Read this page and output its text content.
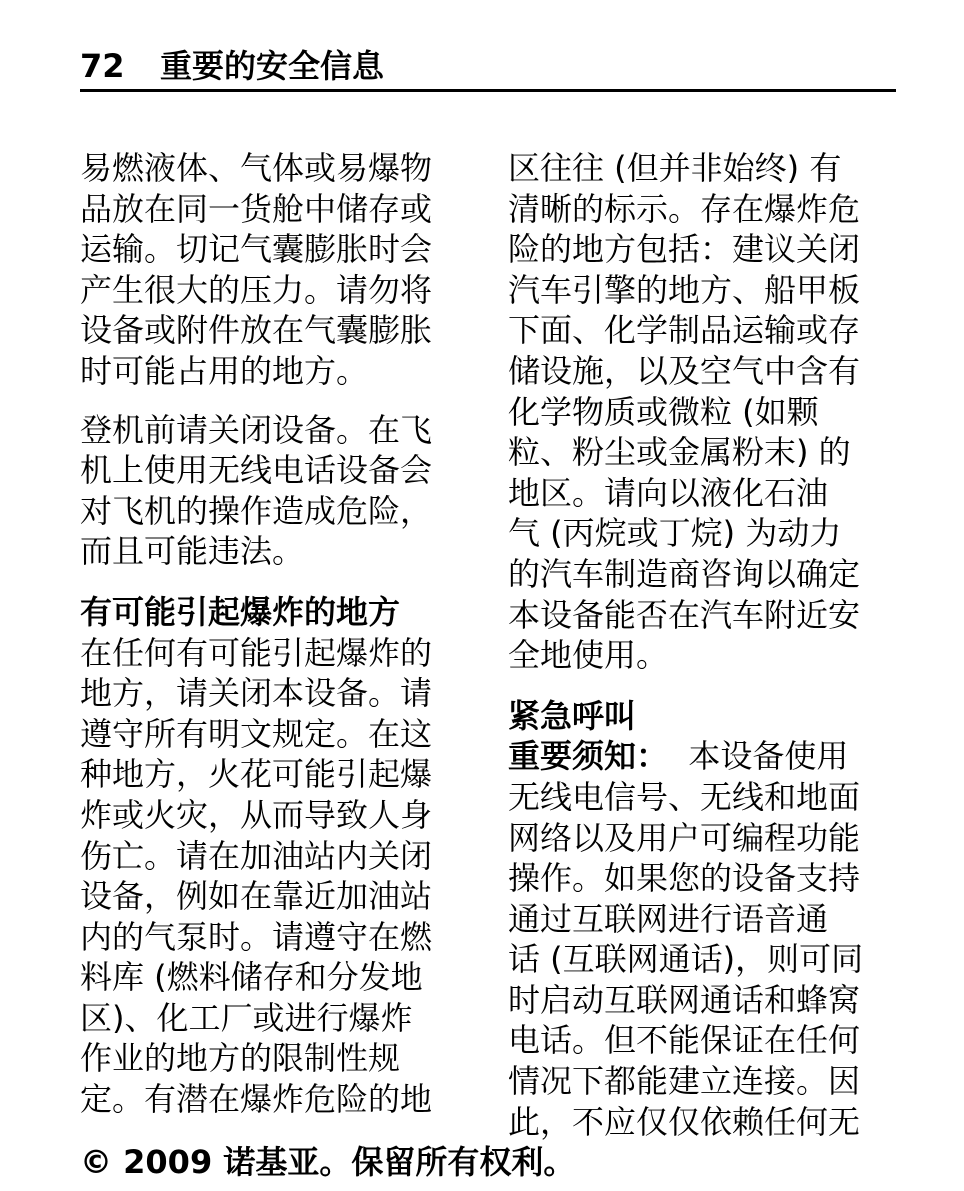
72 重要的安全信息

易燃液体、气体或易爆物
品放在同一货舱中储存或
运输。切记气囊膨胀时会
产生很大的压力。请勿将
设备或附件放在气囊膨胀
时可能占用的地方。

登机前请关闭设备。在飞
机上使用无线电话设备会
对飞机的操作造成危险，
而且可能违法。

有可能引起爆炸的地方

在任何有可能引起爆炸的
地方，请关闭本设备。请
遵守所有明文规定。在这
种地方，火花可能引起爆
炸或火灾，从而导致人身
伤亡。请在加油站内关闭
设备，例如在靠近加油站
内的气泵时。请遵守在燃
料库 (燃料储存和分发地
区)、化工厂或进行爆炸
作业的地方的限制性规
定。有潜在爆炸危险的地

区往往 (但并非始终) 有
清晰的标示。存在爆炸危
险的地方包括：建议关闭
汽车引擎的地方、船甲板
下面、化学制品运输或存
储设施，以及空气中含有
化学物质或微粒 (如颗
粒、粉尘或金属粉末) 的
地区。请向以液化石油
气 (丙烷或丁烷) 为动力
的汽车制造商咨询以确定
本设备能否在汽车附近安
全地使用。

紧急呼叫

重要须知：  本设备使用

无线电信号、无线和地面
网络以及用户可编程功能
操作。如果您的设备支持
通过互联网进行语音通
话 (互联网通话)，则可同
时启动互联网通话和蜂窝
电话。但不能保证在任何
情况下都能建立连接。因
此，不应仅仅依赖任何无

© 2009 诺基亚。保留所有权利。
